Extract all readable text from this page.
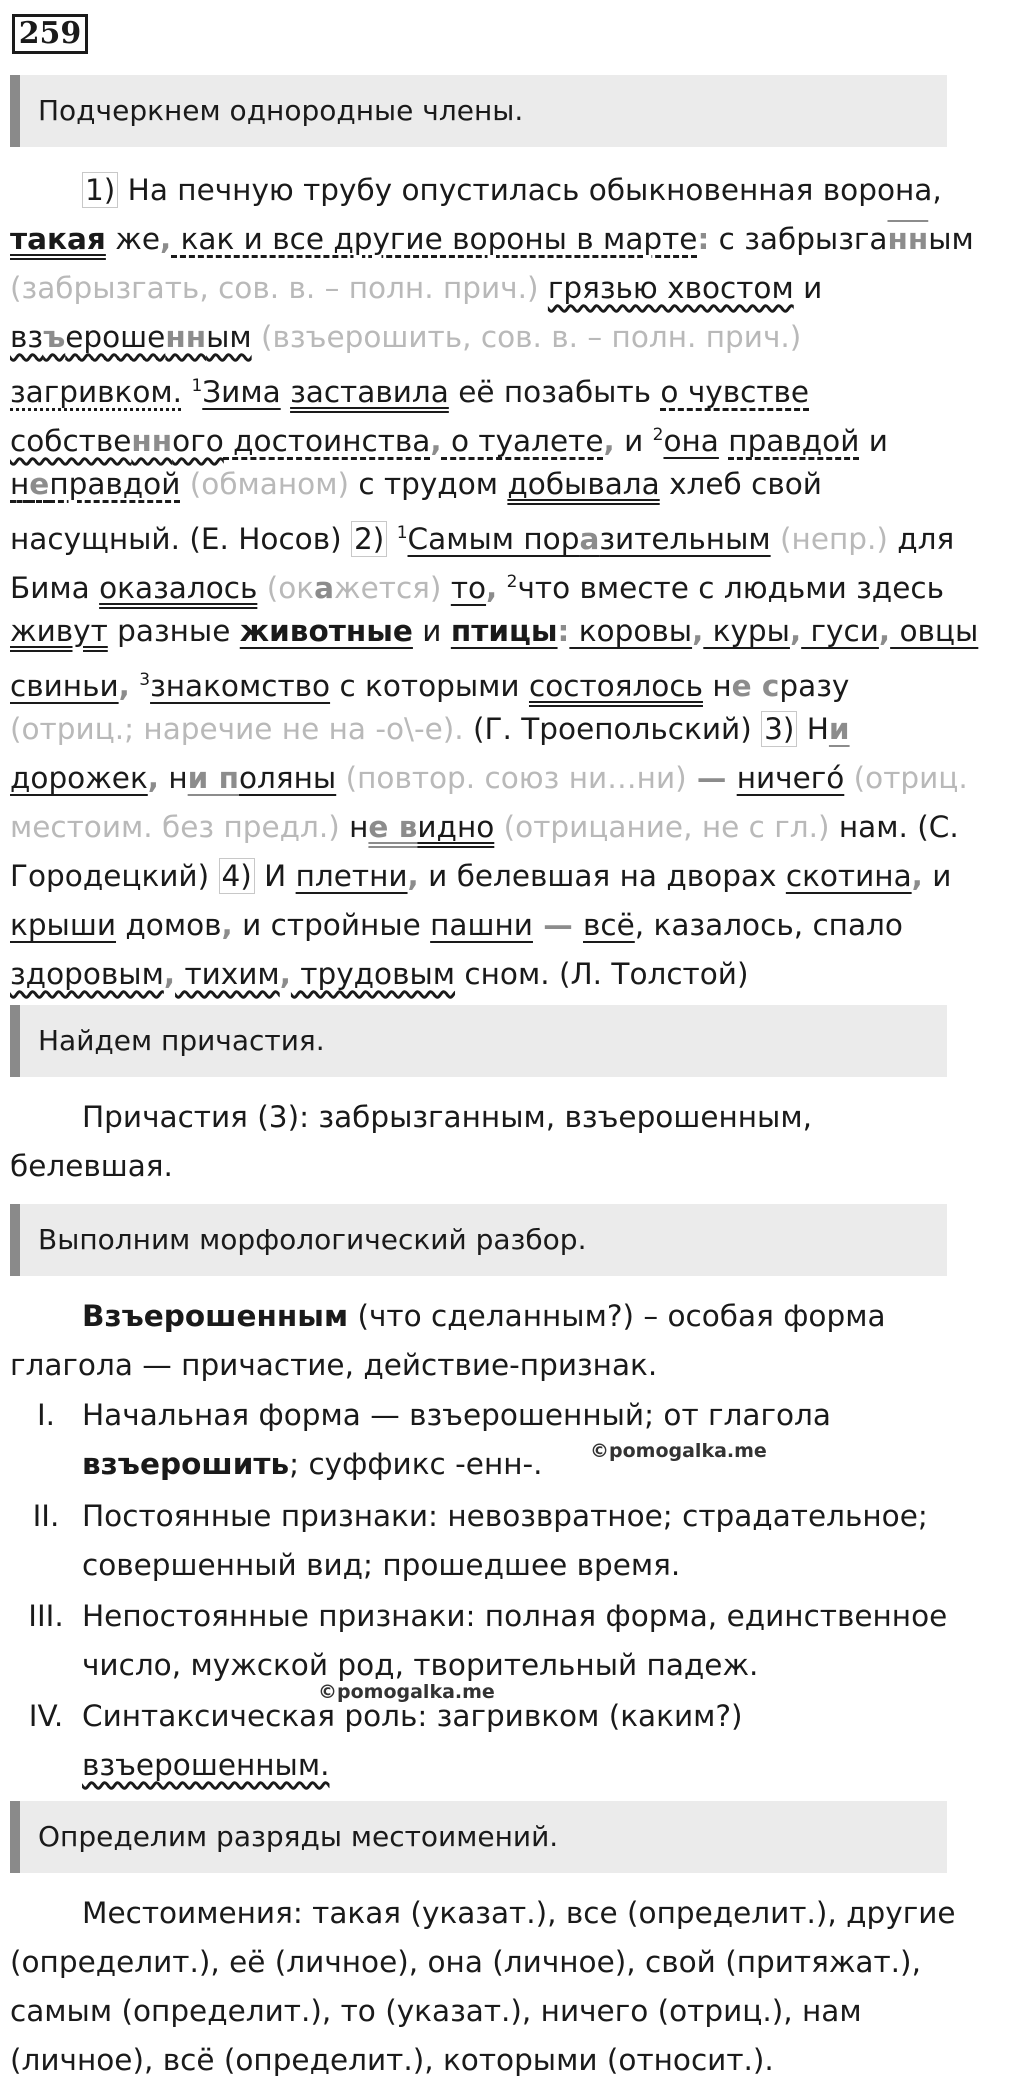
259
Подчеркнем однородные члены.
1) На печную трубу опустилась обыкновенная ворона,
такая же, как и все другие вороны в марте: с забрызганным
(забрызгать, сов. в. – полн. прич.) грязью хвостом и
взъерошенным (взъерошить, сов. в. – полн. прич.)
загривком. $^1$Зима заставила её позабыть о чувстве
собственного достоинства, о туалете, и $^2$она правдой и
неправдой (обманом) с трудом добывала хлеб свой
насущный. (Е. Носов) 2) $^1$Самым поразительным (непр.) для
Бима оказалось (окажется) то, $^2$что вместе с людьми здесь
живут разные животные и птицы: коровы, куры, гуси, овцы
свиньи, $^3$знакомство с которыми состоялось не сразу
(отриц.; наречие не на -о\-е). (Г. Троепольский) 3) Ни
дорожек, ни поляны (повтор. союз ни…ни) — ничего́ (отриц.
местоим. без предл.) не видно (отрицание, не с гл.) нам. (С.
Городецкий) 4) И плетни, и белевшая на дворах скотина, и
крыши домов, и стройные пашни — всё, казалось, спало
здоровым, тихим, трудовым сном. (Л. Толстой)
Найдем причастия.
Причастия (3): забрызганным, взъерошенным,
белевшая.
Выполним морфологический разбор.
Взъерошенным (что сделанным?) – особая форма
глагола — причастие, действие-признак.
I. Начальная форма — взъерошенный; от глагола
взъерошить; суффикс -енн-.
II. Постоянные признаки: невозвратное; страдательное;
совершенный вид; прошедшее время.
III. Непостоянные признаки: полная форма, единственное
число, мужской род, творительный падеж.
IV. Синтаксическая роль: загривком (каким?)
взъерошенным.
©pomogalka.me
©pomogalka.me
Определим разряды местоимений.
Местоимения: такая (указат.), все (определит.), другие
(определит.), её (личное), она (личное), свой (притяжат.),
самым (определит.), то (указат.), ничего (отриц.), нам
(личное), всё (определит.), которыми (относит.).
